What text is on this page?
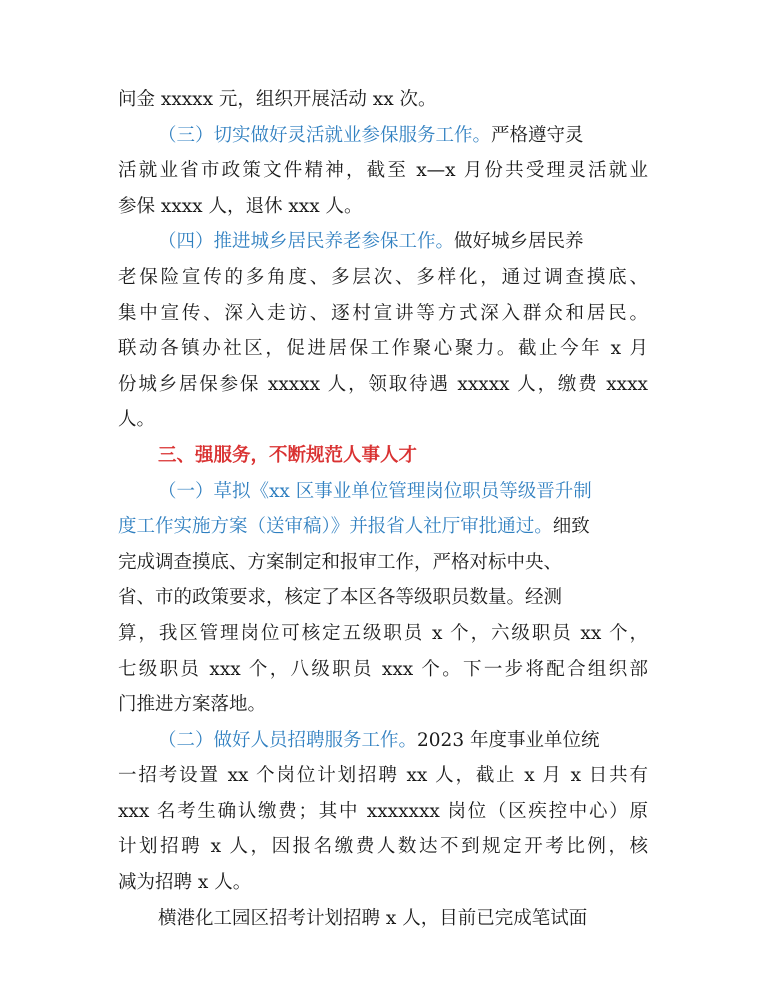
问金 xxxxx 元，组织开展活动 xx 次。
（三）切实做好灵活就业参保服务工作。严格遵守灵
活就业省市政策文件精神，截至 x—x 月份共受理灵活就业
参保 xxxx 人，退休 xxx 人。
（四）推进城乡居民养老参保工作。做好城乡居民养
老保险宣传的多角度、多层次、多样化，通过调查摸底、
集中宣传、深入走访、逐村宣讲等方式深入群众和居民。
联动各镇办社区，促进居保工作聚心聚力。截止今年 x 月
份城乡居保参保 xxxxx 人，领取待遇 xxxxx 人，缴费 xxxx
人。
三、强服务，不断规范人事人才
（一）草拟《xx 区事业单位管理岗位职员等级晋升制
度工作实施方案（送审稿）》并报省人社厅审批通过。细致
完成调查摸底、方案制定和报审工作，严格对标中央、
省、市的政策要求，核定了本区各等级职员数量。经测
算，我区管理岗位可核定五级职员 x 个，六级职员 xx 个，
七级职员 xxx 个，八级职员 xxx 个。下一步将配合组织部
门推进方案落地。
（二）做好人员招聘服务工作。2023 年度事业单位统
一招考设置 xx 个岗位计划招聘 xx 人，截止 x 月 x 日共有
xxx 名考生确认缴费；其中 xxxxxxx 岗位（区疾控中心）原
计划招聘 x 人，因报名缴费人数达不到规定开考比例，核
减为招聘 x 人。
横港化工园区招考计划招聘 x 人，目前已完成笔试面
